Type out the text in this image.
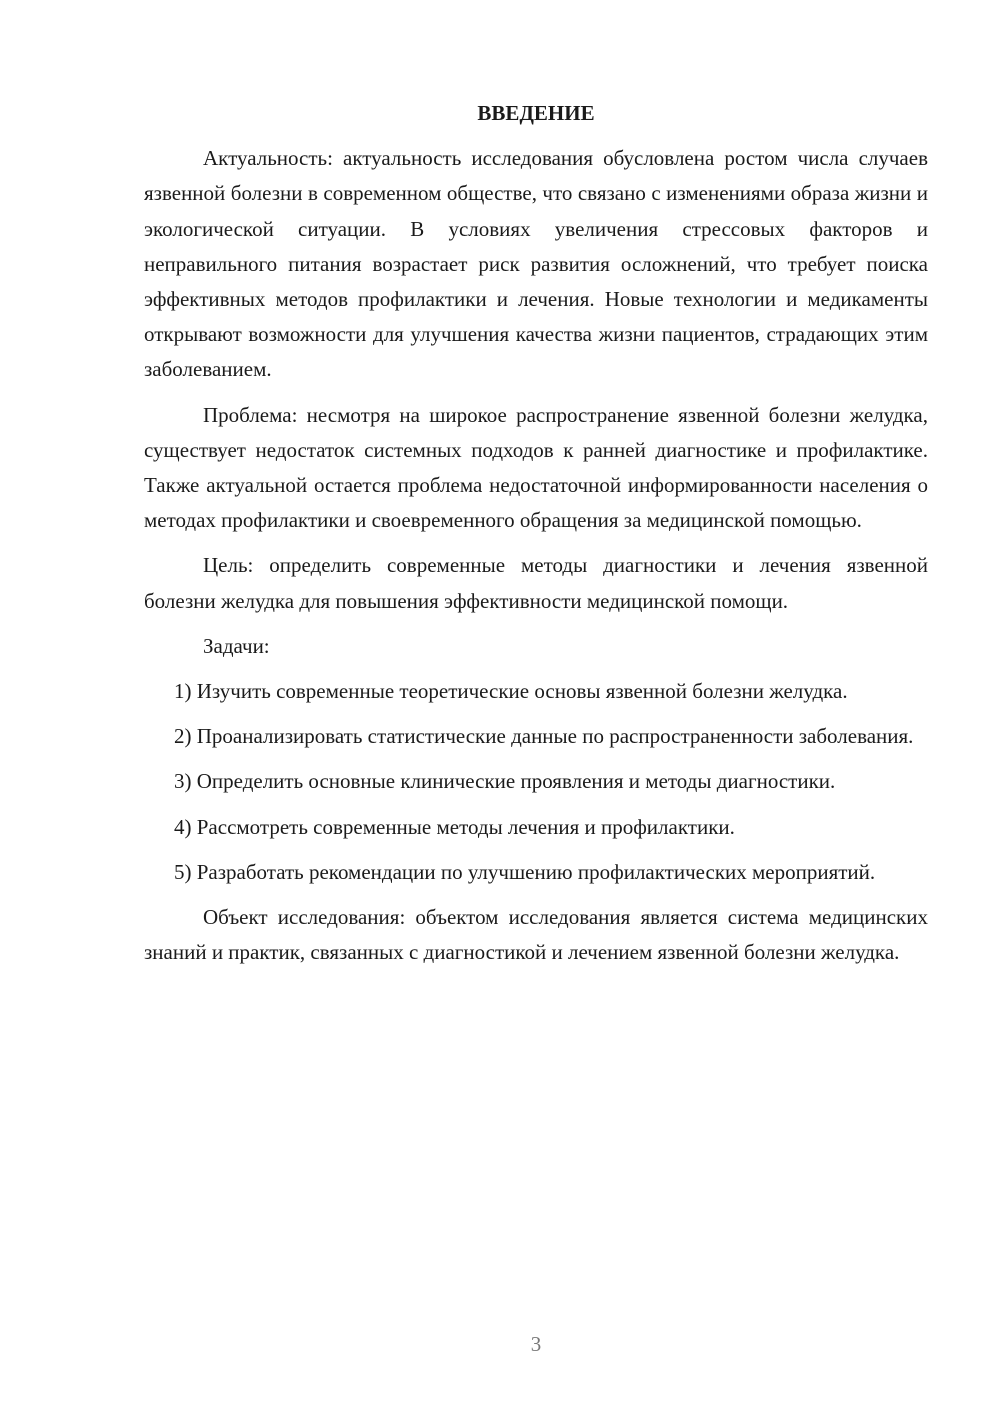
ВВЕДЕНИЕ

Актуальность: актуальность исследования обусловлена ростом числа случаев язвенной болезни в современном обществе, что связано с изменениями образа жизни и экологической ситуации. В условиях увеличения стрессовых факторов и неправильного питания возрастает риск развития осложнений, что требует поиска эффективных методов профилактики и лечения. Новые технологии и медикаменты открывают возможности для улучшения качества жизни пациентов, страдающих этим заболеванием.

Проблема: несмотря на широкое распространение язвенной болезни желудка, существует недостаток системных подходов к ранней диагностике и профилактике. Также актуальной остается проблема недостаточной информированности населения о методах профилактики и своевременного обращения за медицинской помощью.

Цель: определить современные методы диагностики и лечения язвенной болезни желудка для повышения эффективности медицинской помощи.

Задачи:

1) Изучить современные теоретические основы язвенной болезни желудка.

2) Проанализировать статистические данные по распространенности заболевания.

3) Определить основные клинические проявления и методы диагностики.

4) Рассмотреть современные методы лечения и профилактики.

5) Разработать рекомендации по улучшению профилактических мероприятий.

Объект исследования: объектом исследования является система медицинских знаний и практик, связанных с диагностикой и лечением язвенной болезни желудка.

3
